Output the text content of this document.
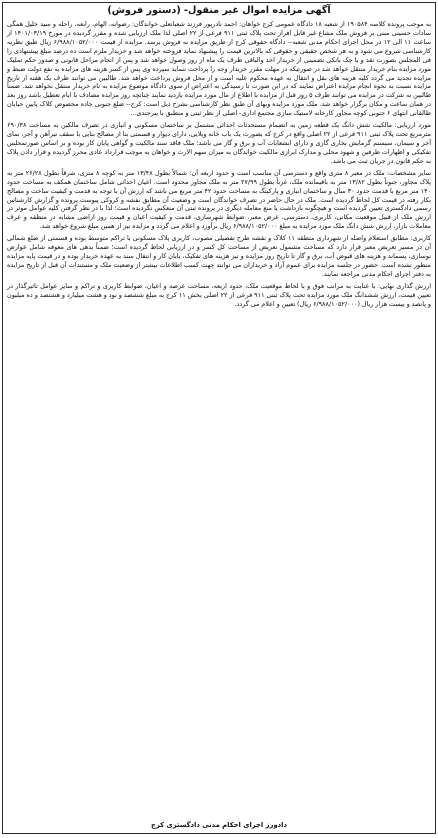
آگهی مزایده اموال غیر منقول- (دستور فروش)

به موجب پرونده کلاسه ۱۹۰۵۸۴ از شعبه ۱۸ دادگاه عمومی کرج خواهان: احمد نادرپور فرزند شعبانعلی خواندگان: رضوانه، الهام، رابعه، راحله و سید خلیل همگی سادات حسینی مبنی بر فروش ملک مشاع غیر قابل افراز تحت پلاک ثبتی ۹۱۱ فرعی از ۲۲ اصلی لذا ملک ارزیابی شده و مقرر گردیده در مورخ ۱۴۰۱/۰۳/۱۹ از ساعت ۱۱ الی ۱۲ در محل اجرای احکام مدنی شعبه-- دادگاه حقوقی کرج از طریق مزایده به فروش برسد. مزایده از قیمت ۶/۹۸۸/۱۰۵۲/۰۰۰ ریال طبق نظریه کارشناسی شروع می شود و به هر شخص حقیقی و حقوقی که بالاترین قیمت را پیشنهاد نماید فروخته خواهد شد و خریدار ملزم است ده درصد مبلغ پیشنهادی را فی المجلس بصورت نقد و یا چک بانکی تضمینی از خریدار اخذ والباقی ظرف یک ماه از روز وصول خواهد شد و پس از انجام مراحل قانونی و صدور حکم تملیک مورد مزایده بنام خریدار منتقل خواهد شد در صورتیکه در مهلت مقرر خریدار وجه را پرداخت ننماید سپرده وی پس از کسر هزینه های مزایده به نفع دولت ضبط و مزایده تجدید می گردد کلیه هزینه های نقل و انتقال به عهده محکوم علیه است و از محل فروش پرداخت خواهد شد. طالبین می توانند ظرف یک هفته از تاریخ مزایده نسبت به نحوه انجام مزایده اعتراض نمایند که در این صورت تا رسیدگی به اعتراض از سوی دادگاه موضوع مزایده به نام خریدار منتقل نخواهد شد. ضمناً طالبین به شرکت در مزایده می توانند ظرف ۵ روز قبل از مزایده با اطلاع از مال مورد مزایده بازدید نمایند چنانچه روز مزایده مصادف با ایام تعطیل باشد روز بعد در همان ساعت و مکان برگزار خواهد شد. ملک مورد مزایده وبهای آن طبق نظر کارشناسی بشرح ذیل است: کرج-- ضلع جنوبی جاده مخصوص کلاک پایین خیابان طالقانی انتهای ۶ جنوبی کوچه مجاور کارخانه لاستیک سازی مجتمع اداری- اصلی از نظر ثبتی و منطبق با بیرجندی...

مورد ارزیابی: مالکیت شش دانگ یک قطعه زمین به انضمام مستحدثات احداثی مشتمل بر ساختمان مسکونی و انباری در تصرف مالکین به مساحت ۶۹۰/۳۸ مترمربع تحت پلاک ثبتی ۹۱۱ فرعی از ۲۲ اصلی واقع در کرج که بصورت یک باب خانه ویلایی، دارای دیوار و قسمتی بنا از مصالح بنایی با سقف تیرآهن و آجر، نمای آجر و سیمان، سیستم گرمایش بخاری گازی و دارای انشعابات آب و برق و گاز می باشد؛ ملک فاقد سند مالکیت و گواهی پایان کار بوده و بر اساس صورتمجلس تفکیکی و اظهارات طرفین و شهود محلی و مدارک ابرازی مالکیت خواندگان به میزان سهم الارث و خواهان به موجب قرارداد عادی محرز گردیده و قرار دادن پلاک به حکم قانون در جریان ثبت می باشد.

سایر مشخصات: ملک در معبر ۸ متری واقع و دسترسی آن مناسب است و حدود اربعه آن: شمالاً بطول ۱۳/۴۸ متر به کوچه ۸ متری، شرقاً بطول ۲۶/۲۸ متر به پلاک مجاور، جنوباً بطول ۱۳/۸۲ متر به باقیمانده ملک، غرباً بطول ۲۷/۹۹ متر به ملک مجاور محدود است. اعیان احداثی شامل ساختمان همکف به مساحت حدود ۱۴۰ متر مربع با قدمت حدود ۳۰ سال و ساختمان انباری و پارکینگ به مساحت حدود ۴۲ متر مربع می باشد که ارزش آن با توجه به قدمت و کیفیت ساخت و مصالح بکار رفته در قیمت کل لحاظ گردیده است. ملک در حال حاضر در تصرف خواندگان است و وضعیت آن مطابق نقشه و کروکی پیوست پرونده و گزارش کارشناس رسمی دادگستری تعیین گردیده است و هیچگونه بازداشت یا منع معامله دیگری در پرونده ثبتی آن منعکس نگردیده است؛ لذا با در نظر گرفتن کلیه عوامل موثر در ارزش ملک از قبیل موقعیت مکانی، کاربری، دسترسی، عرض معبر، ضوابط شهرسازی، قدمت و کیفیت اعیان و قیمت روز اراضی مشابه در منطقه و عرف معاملات بازار، ارزش شش دانگ ملک مورد مزایده به مبلغ ۶/۹۸۸/۱۰۵۲/۰۰۰ ریال برآورد و اعلام می گردد و مزایده نیز از همین مبلغ شروع خواهد شد.

کاربری: مطابق استعلام واصله از شهرداری منطقه ۱۱ کلاک و نقشه طرح تفصیلی مصوب، کاربری پلاک مسکونی با تراکم متوسط بوده و قسمتی از ضلع شمالی آن در مسیر تعریض معبر قرار دارد که مساحت مشمول تعریض از مساحت کل کسر و در ارزیابی لحاظ گردیده است؛ ضمناً بدهی های معوقه شامل عوارض نوسازی، پسماند و هزینه های قبوض آب، برق و گاز تا تاریخ روز مزایده و نیز هزینه های تفکیک، پایان کار و انتقال سند به عهده خریدار بوده و در قیمت پایه مزایده منظور نشده است. حضور در جلسه مزایده برای عموم آزاد و خریداران می توانند جهت کسب اطلاعات بیشتر از وضعیت ملک و مستندات آن قبل از تاریخ مزایده به دفتر اجرای احکام مدنی مراجعه نمایند.

ارزش گذاری نهایی: با عنایت به مراتب فوق و با لحاظ موقعیت ملک، حدود اربعه، مساحت عرصه و اعیان، ضوابط کاربری و تراکم و سایر عوامل تاثیرگذار در تعیین قیمت، ارزش ششدانگ ملک مورد مزایده تحت پلاک ثبتی ۹۱۱ فرعی از ۲۲ اصلی بخش ۱۱ کرج به مبلغ ششصد و نود و هشت میلیارد و هشتصد و ده میلیون و پانصد و بیست هزار ریال (۶/۹۸۸/۱۰۵۲/۰۰۰ ریال) تعیین و اعلام می گردد.

دادورز اجرای احکام مدنی دادگستری کرج
